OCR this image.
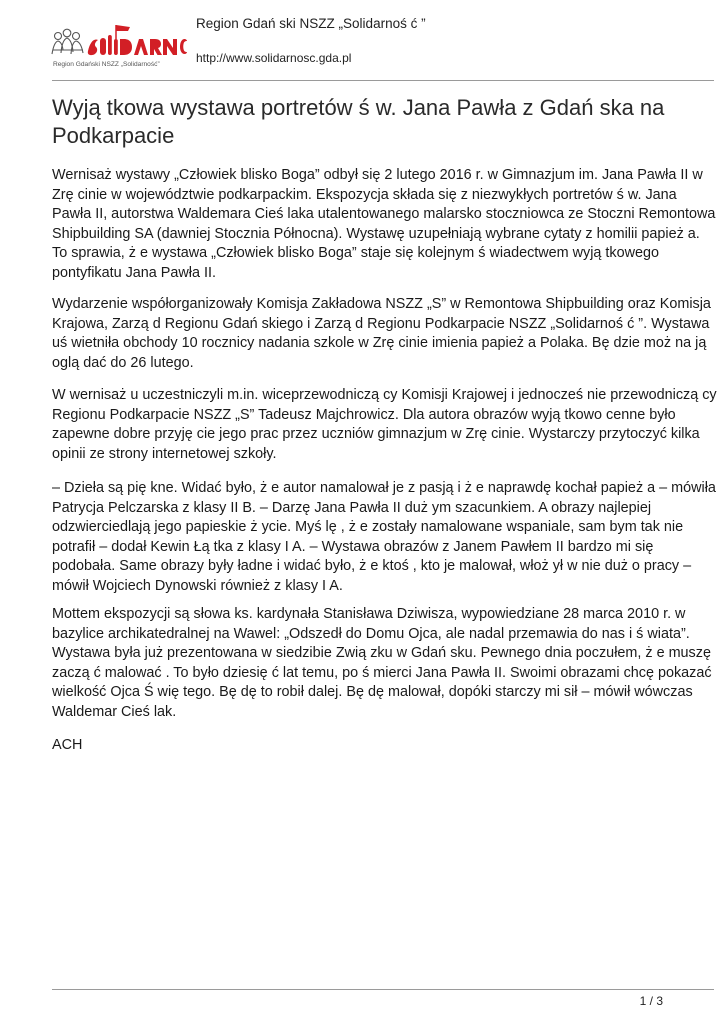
Region Gdański NSZZ „Solidarność”
Region Gdań ski NSZZ „Solidarnoś ć ”
http://www.solidarnosc.gda.pl
Wyją tkowa wystawa portretów ś w. Jana Pawła z Gdań ska na Podkarpacie

Wernisaż wystawy „Człowiek blisko Boga” odbył się 2 lutego 2016 r. w Gimnazjum im. Jana Pawła II w Zrę cinie w województwie podkarpackim. Ekspozycja składa się z niezwykłych portretów ś w. Jana Pawła II, autorstwa Waldemara Cieś laka utalentowanego malarsko stoczniowca ze Stoczni Remontowa Shipbuilding SA (dawniej Stocznia Północna). Wystawę uzupełniają wybrane cytaty z homilii papież a. To sprawia, ż e wystawa „Człowiek blisko Boga” staje się kolejnym ś wiadectwem wyją tkowego pontyfikatu Jana Pawła II.

Wydarzenie współorganizowały Komisja Zakładowa NSZZ „S” w Remontowa Shipbuilding oraz Komisja Krajowa, Zarzą d Regionu Gdań skiego i Zarzą d Regionu Podkarpacie NSZZ „Solidarnoś ć ”. Wystawa uś wietniła obchody 10 rocznicy nadania szkole w Zrę cinie imienia papież a Polaka. Bę dzie moż na ją oglą dać do 26 lutego.

W wernisaż u uczestniczyli m.in. wiceprzewodniczą cy Komisji Krajowej i jednocześ nie przewodniczą cy Regionu Podkarpacie NSZZ „S” Tadeusz Majchrowicz. Dla autora obrazów wyją tkowo cenne było zapewne dobre przyję cie jego prac przez uczniów gimnazjum w Zrę cinie. Wystarczy przytoczyć kilka opinii ze strony internetowej szkoły.

– Dzieła są pię kne. Widać było, ż e autor namalował je z pasją i ż e naprawdę kochał papież a – mówiła Patrycja Pelczarska z klasy II B. – Darzę Jana Pawła II duż ym szacunkiem. A obrazy najlepiej odzwierciedlają jego papieskie ż ycie. Myś lę , ż e zostały namalowane wspaniale, sam bym tak nie potrafił – dodał Kewin Łą tka z klasy I A. – Wystawa obrazów z Janem Pawłem II bardzo mi się podobała. Same obrazy były ładne i widać było, ż e ktoś , kto je malował, włoż ył w nie duż o pracy – mówił Wojciech Dynowski również z klasy I A.

Mottem ekspozycji są słowa ks. kardynała Stanisława Dziwisza, wypowiedziane 28 marca 2010 r. w bazylice archikatedralnej na Wawel: „Odszedł do Domu Ojca, ale nadal przemawia do nas i ś wiata”. Wystawa była już prezentowana w siedzibie Zwią zku w Gdań sku. Pewnego dnia poczułem, ż e muszę zaczą ć malować . To było dziesię ć lat temu, po ś mierci Jana Pawła II. Swoimi obrazami chcę pokazać wielkość Ojca Ś wię tego. Bę dę to robił dalej. Bę dę malował, dopóki starczy mi sił – mówił wówczas Waldemar Cieś lak.

ACH

1 / 3
